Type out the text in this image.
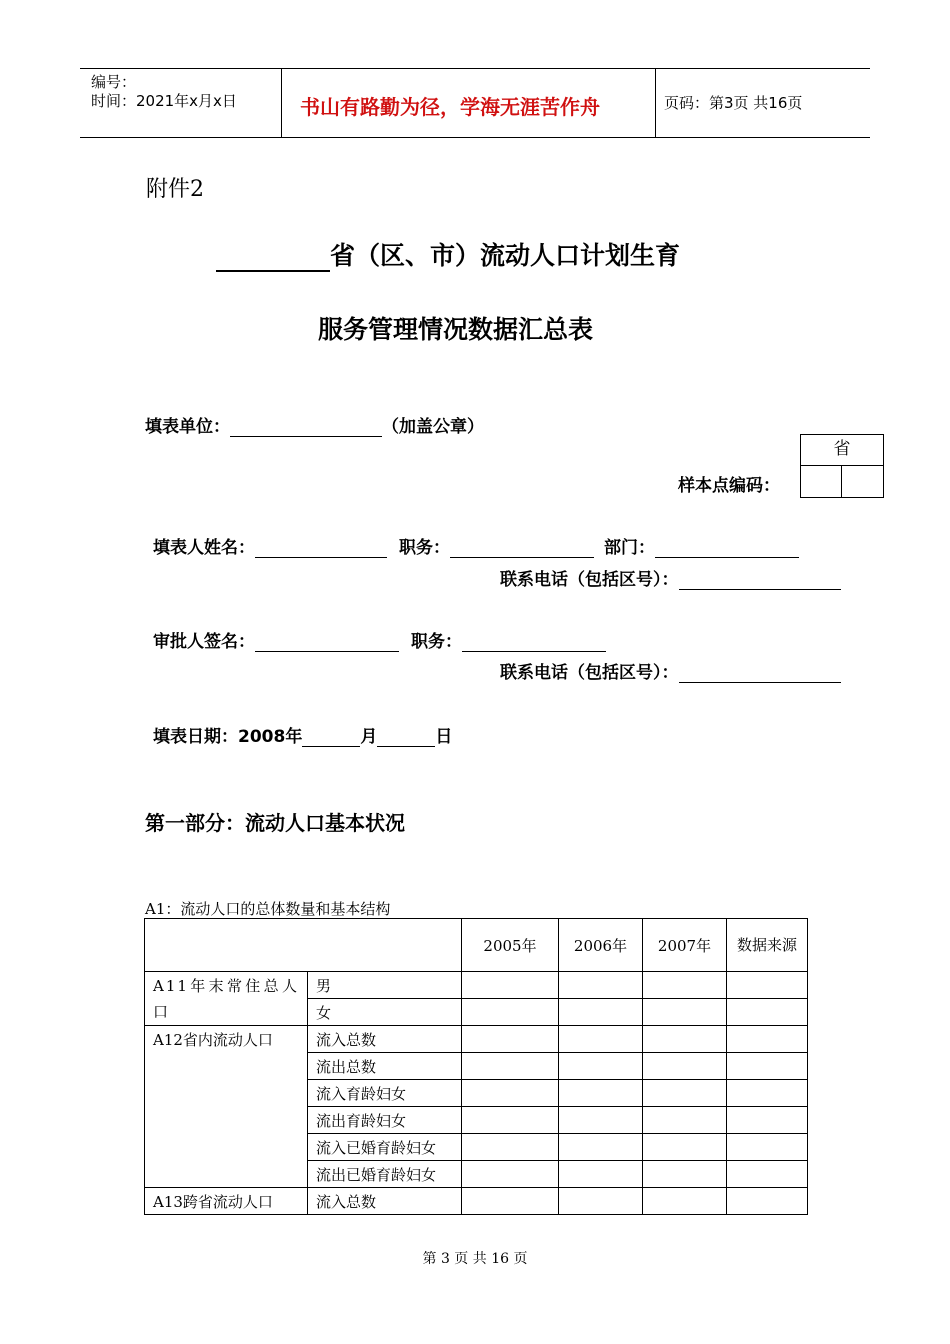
编号：
时间：2021年x月x日	书山有路勤为径，学海无涯苦作舟	页码：第3页 共16页
附件2
省（区、市）流动人口计划生育
服务管理情况数据汇总表
填表单位：	（加盖公章）
省
样本点编码：
填表人姓名：	职务：	部门：
联系电话（包括区号）：
审批人签名：	职务：
联系电话（包括区号）：
填表日期：2008年	月	日
第一部分：流动人口基本状况
A1：流动人口的总体数量和基本结构
		2005年	2006年	2007年	数据来源
A11年末常住总人口	男				
	女				
A12省内流动人口	流入总数				
	流出总数				
	流入育龄妇女				
	流出育龄妇女				
	流入已婚育龄妇女				
	流出已婚育龄妇女				
A13跨省流动人口	流入总数				
第 3 页 共 16 页
